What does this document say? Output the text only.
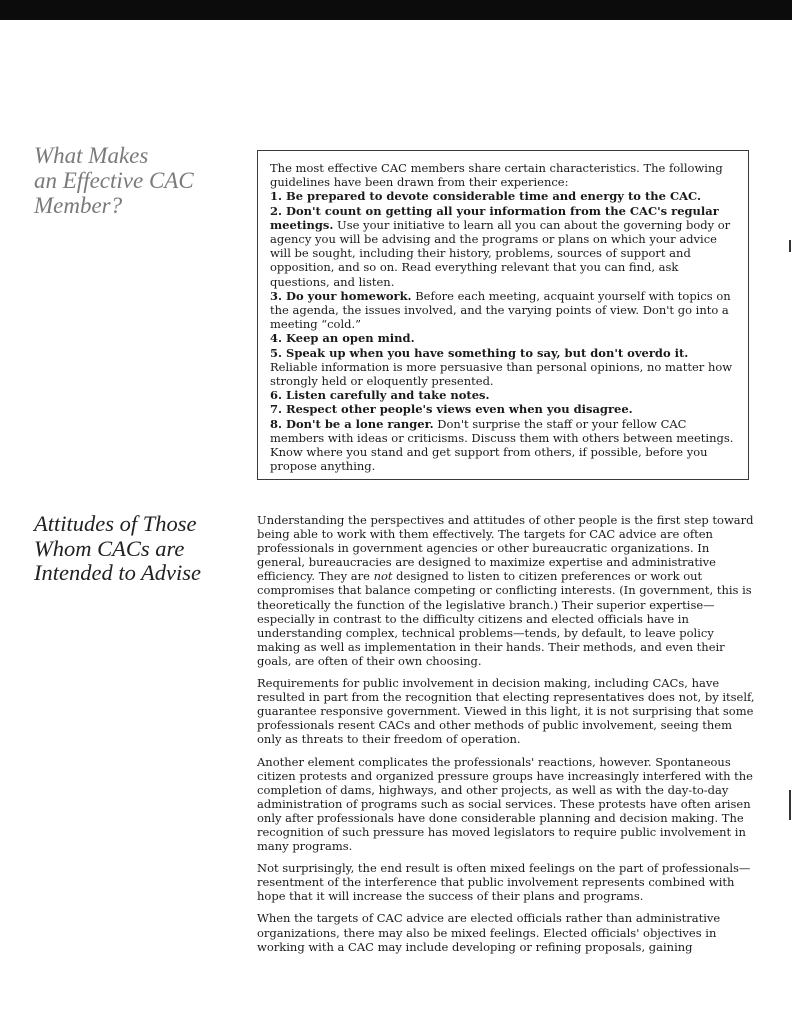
What Makes
an Effective CAC
Member?
The most effective CAC members share certain characteristics. The following guidelines have been drawn from their experience:
1. Be prepared to devote considerable time and energy to the CAC.
2. Don't count on getting all your information from the CAC's regular meetings. Use your initiative to learn all you can about the governing body or agency you will be advising and the programs or plans on which your advice will be sought, including their history, problems, sources of support and opposition, and so on. Read everything relevant that you can find, ask questions, and listen.
3. Do your homework. Before each meeting, acquaint yourself with topics on the agenda, the issues involved, and the varying points of view. Don't go into a meeting “cold.”
4. Keep an open mind.
5. Speak up when you have something to say, but don't overdo it. Reliable information is more persuasive than personal opinions, no matter how strongly held or eloquently presented.
6. Listen carefully and take notes.
7. Respect other people's views even when you disagree.
8. Don't be a lone ranger. Don't surprise the staff or your fellow CAC members with ideas or criticisms. Discuss them with others between meetings. Know where you stand and get support from others, if possible, before you propose anything.
Attitudes of Those
Whom CACs are
Intended to Advise

Understanding the perspectives and attitudes of other people is the first step toward being able to work with them effectively. The targets for CAC advice are often professionals in government agencies or other bureaucratic organizations. In general, bureaucracies are designed to maximize expertise and administrative efficiency. They are not designed to listen to citizen preferences or work out compromises that balance competing or conflicting interests. (In government, this is theoretically the function of the legislative branch.) Their superior expertise—especially in contrast to the difficulty citizens and elected officials have in understanding complex, technical problems—tends, by default, to leave policy making as well as implementation in their hands. Their methods, and even their goals, are often of their own choosing.

Requirements for public involvement in decision making, including CACs, have resulted in part from the recognition that electing representatives does not, by itself, guarantee responsive government. Viewed in this light, it is not surprising that some professionals resent CACs and other methods of public involvement, seeing them only as threats to their freedom of operation.

Another element complicates the professionals' reactions, however. Spontaneous citizen protests and organized pressure groups have increasingly interfered with the completion of dams, highways, and other projects, as well as with the day-to-day administration of programs such as social services. These protests have often arisen only after professionals have done considerable planning and decision making. The recognition of such pressure has moved legislators to require public involvement in many programs.

Not surprisingly, the end result is often mixed feelings on the part of professionals—resentment of the interference that public involvement represents combined with hope that it will increase the success of their plans and programs.

When the targets of CAC advice are elected officials rather than administrative organizations, there may also be mixed feelings. Elected officials' objectives in working with a CAC may include developing or refining proposals, gaining
